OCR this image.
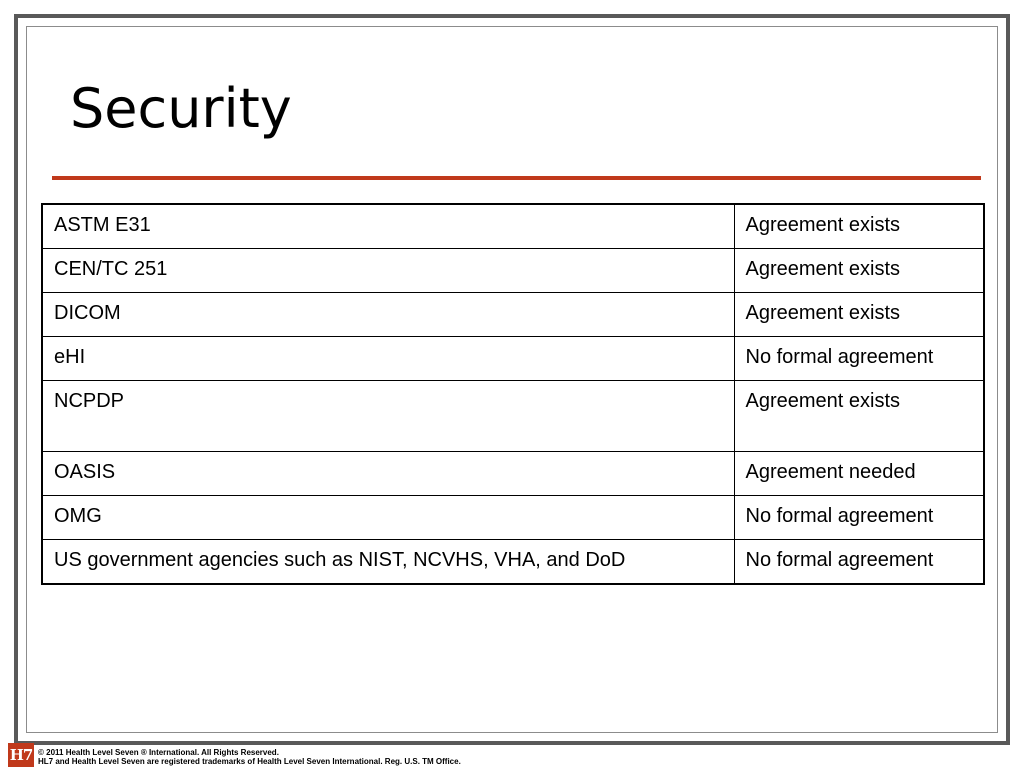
Security
ASTM E31	Agreement exists
CEN/TC 251	Agreement exists
DICOM	Agreement exists
eHI	No formal agreement
NCPDP	Agreement exists
OASIS	Agreement needed
OMG	No formal agreement
US government agencies such as NIST, NCVHS, VHA, and DoD	No formal agreement
H7 © 2011 Health Level Seven ® International. All Rights Reserved.
HL7 and Health Level Seven are registered trademarks of Health Level Seven International. Reg. U.S. TM Office.
